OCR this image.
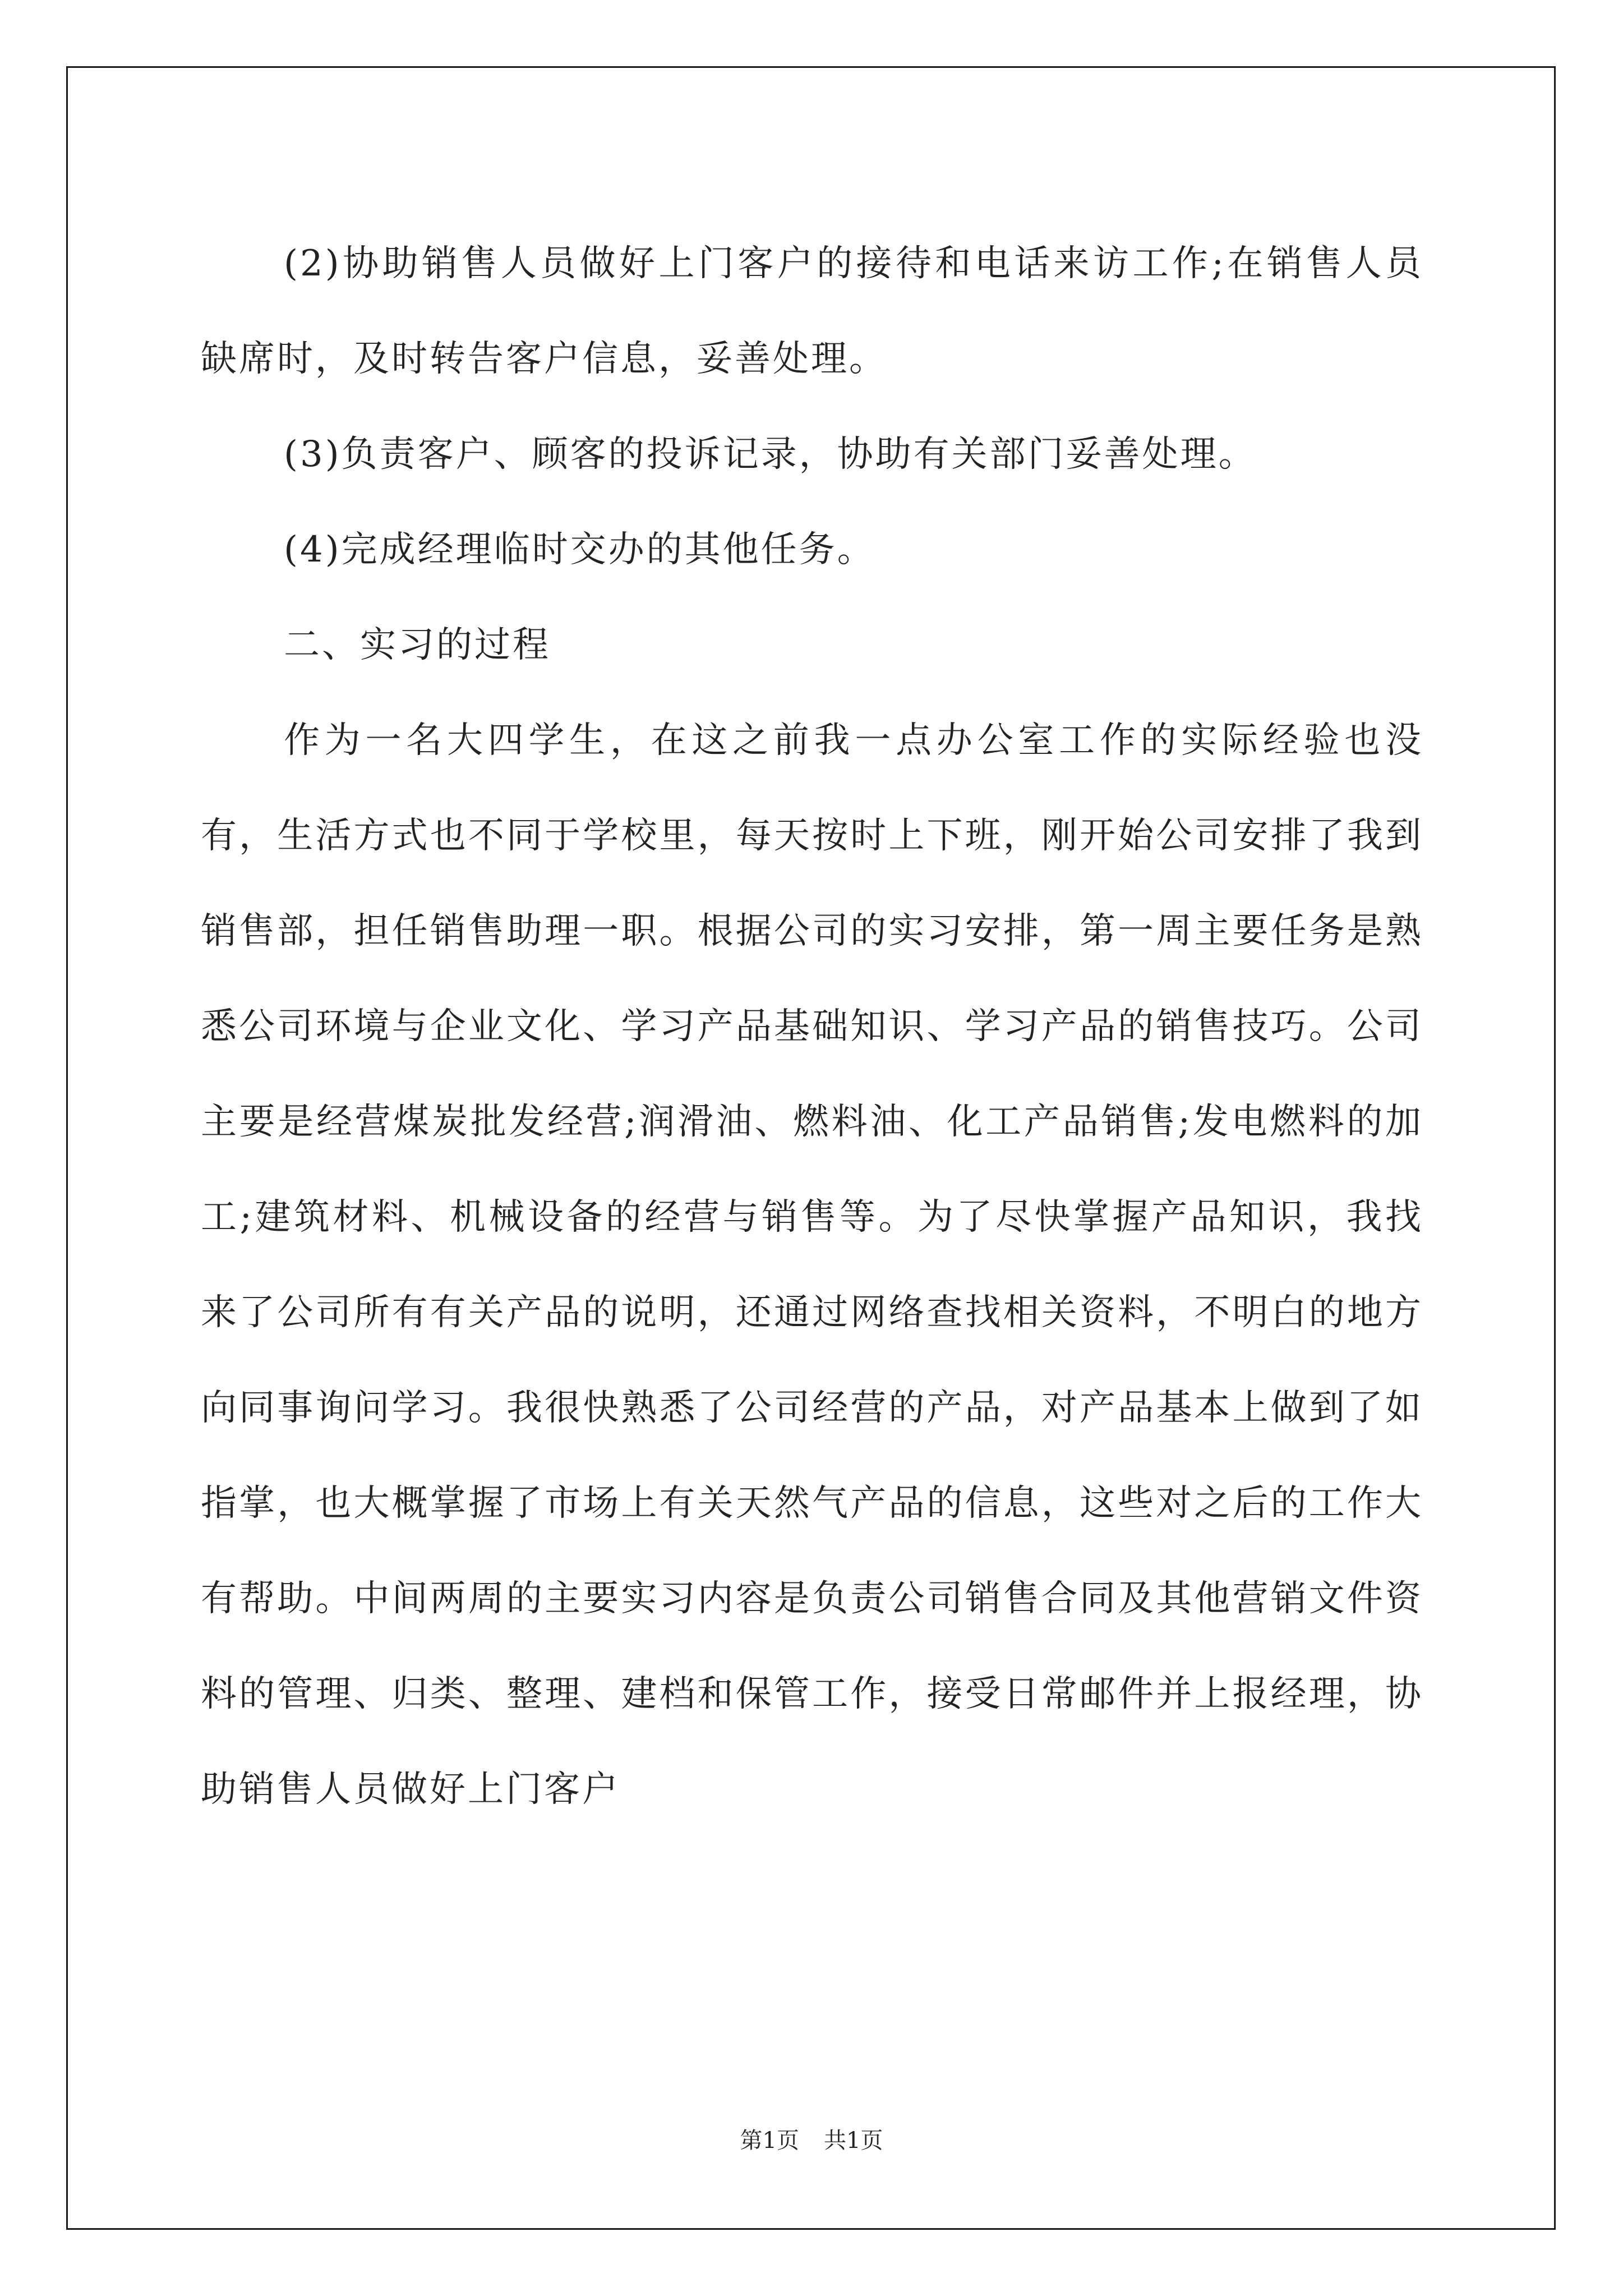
(2)协助销售人员做好上门客户的接待和电话来访工作;在销售人员缺席时，及时转告客户信息，妥善处理。

(3)负责客户、顾客的投诉记录，协助有关部门妥善处理。

(4)完成经理临时交办的其他任务。

二、实习的过程

作为一名大四学生，在这之前我一点办公室工作的实际经验也没有，生活方式也不同于学校里，每天按时上下班，刚开始公司安排了我到销售部，担任销售助理一职。根据公司的实习安排，第一周主要任务是熟悉公司环境与企业文化、学习产品基础知识、学习产品的销售技巧。公司主要是经营煤炭批发经营;润滑油、燃料油、化工产品销售;发电燃料的加工;建筑材料、机械设备的经营与销售等。为了尽快掌握产品知识，我找来了公司所有有关产品的说明，还通过网络查找相关资料，不明白的地方向同事询问学习。我很快熟悉了公司经营的产品，对产品基本上做到了如指掌，也大概掌握了市场上有关天然气产品的信息，这些对之后的工作大有帮助。中间两周的主要实习内容是负责公司销售合同及其他营销文件资料的管理、归类、整理、建档和保管工作，接受日常邮件并上报经理，协助销售人员做好上门客户

第1页 共1页
